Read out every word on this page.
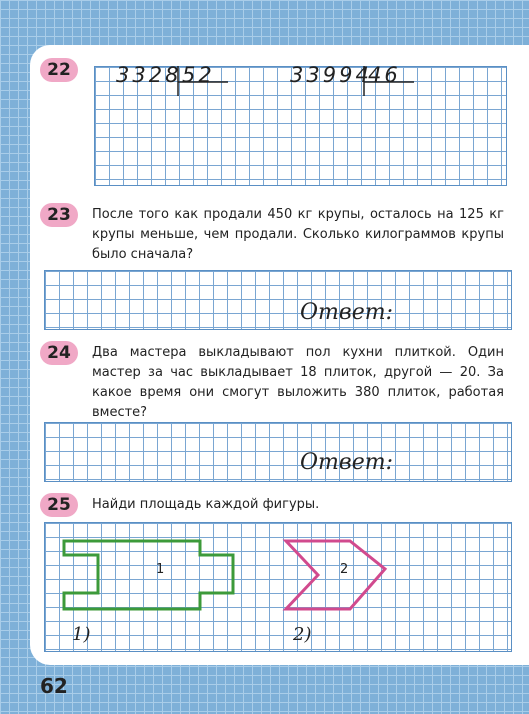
22	3328 52	33994
46
23	После того как продали 450 кг крупы, осталось на 125 кг крупы меньше, чем продали. Сколько килограммов крупы было сначала?
Ответ:
24	Два мастера выкладывают пол кухни плиткой. Один мастер за час выкладывает 18 плиток, другой — 20. За какое время они смогут выложить 380 плиток, работая вместе?
Ответ:
25	Найди площадь каждой фигуры.
1	2
1)	2)
62
